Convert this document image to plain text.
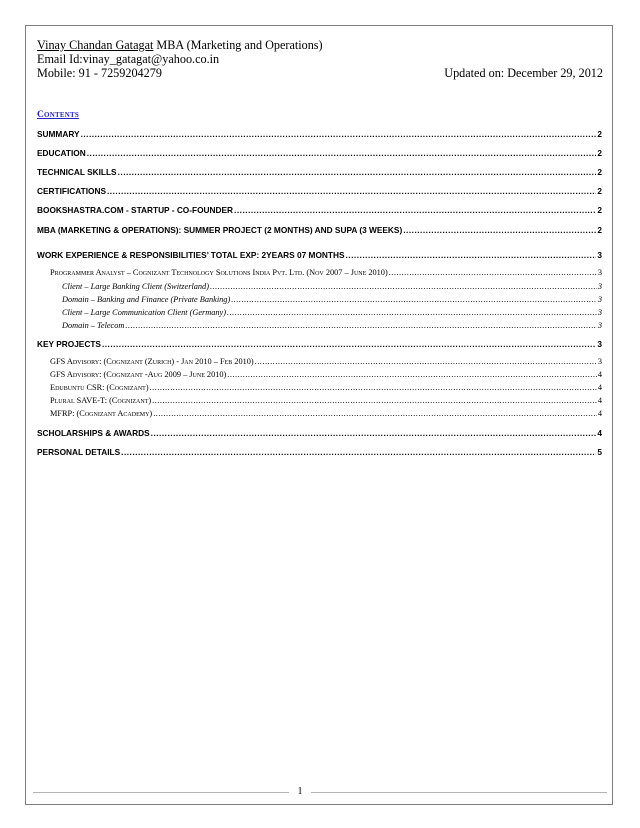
Vinay Chandan Gatagat MBA (Marketing and Operations)
Email Id:vinay_gatagat@yahoo.co.in
Mobile: 91 - 7259204279	Updated on: December 29, 2012
Contents
SUMMARY .....	2
EDUCATION .....	2
TECHNICAL SKILLS .....	2
CERTIFICATIONS .....	2
BOOKSHASTRA.COM - STARTUP - CO-FOUNDER .....	2
MBA (MARKETING & OPERATIONS): SUMMER PROJECT (2 MONTHS) AND SUPA (3 WEEKS) .....	2
WORK EXPERIENCE & RESPONSIBILITIES’ TOTAL EXP: 2YEARS 07 MONTHS .....	3
Programmer Analyst – Cognizant Technology Solutions India Pvt. Ltd. (Nov 2007 – June 2010) .....	3
Client – Large Banking Client (Switzerland) .....	3
Domain – Banking and Finance (Private Banking) .....	3
Client – Large Communication Client (Germany) .....	3
Domain – Telecom .....	3
KEY PROJECTS .....	3
GFS Advisory: (Cognizant (Zurich) - Jan 2010 – Feb 2010) .....	3
GFS Advisory: (Cognizant -Aug 2009 – June 2010) .....	4
Edubuntu CSR: (Cognizant) .....	4
Plural SAVE-T: (Cognizant) .....	4
MFRP: (Cognizant Academy) .....	4
SCHOLARSHIPS & AWARDS .....	4
PERSONAL DETAILS .....	5
1
